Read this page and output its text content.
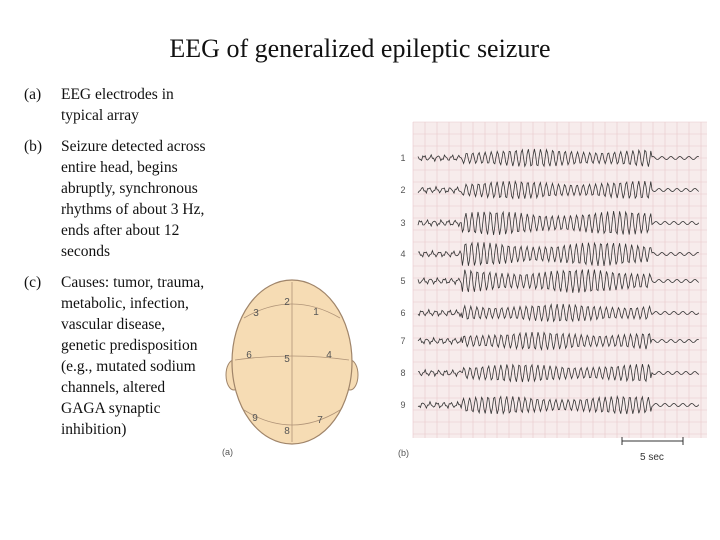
EEG of generalized epileptic seizure
(a)	EEG electrodes in typical array
(b)	Seizure detected across entire head, begins abruptly, synchronous rhythms of about 3 Hz, ends after about 12 seconds
(c)	Causes: tumor, trauma, metabolic, infection, vascular disease, genetic predisposition (e.g., mutated sodium channels, altered GAGA synaptic inhibition)
1
2
3
4
5
6
7
8
9
(a)
1
2
3
4
5
6
7
8
9
(b)	5 sec
